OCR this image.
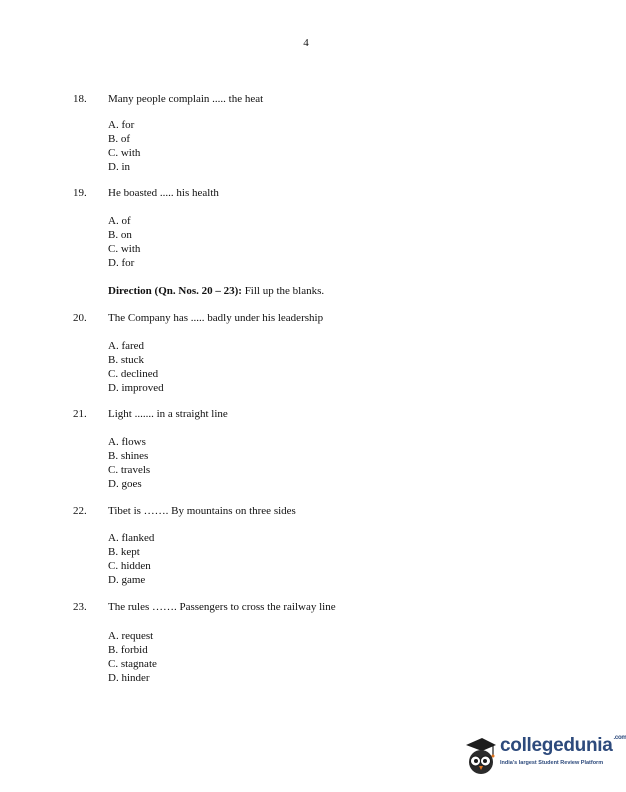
4
18. Many people complain ..... the heat
A. for
B. of
C. with
D. in
19. He boasted ..... his health
A. of
B. on
C. with
D. for
Direction (Qn. Nos. 20 – 23): Fill up the blanks.
20. The Company has ..... badly under his leadership
A. fared
B. stuck
C. declined
D. improved
21. Light ....... in a straight line
A. flows
B. shines
C. travels
D. goes
22. Tibet is ……. By mountains on three sides
A. flanked
B. kept
C. hidden
D. game
23. The rules ……. Passengers to cross the railway line
A. request
B. forbid
C. stagnate
D. hinder
collegedunia$^{.com}$
India's largest Student Review Platform
